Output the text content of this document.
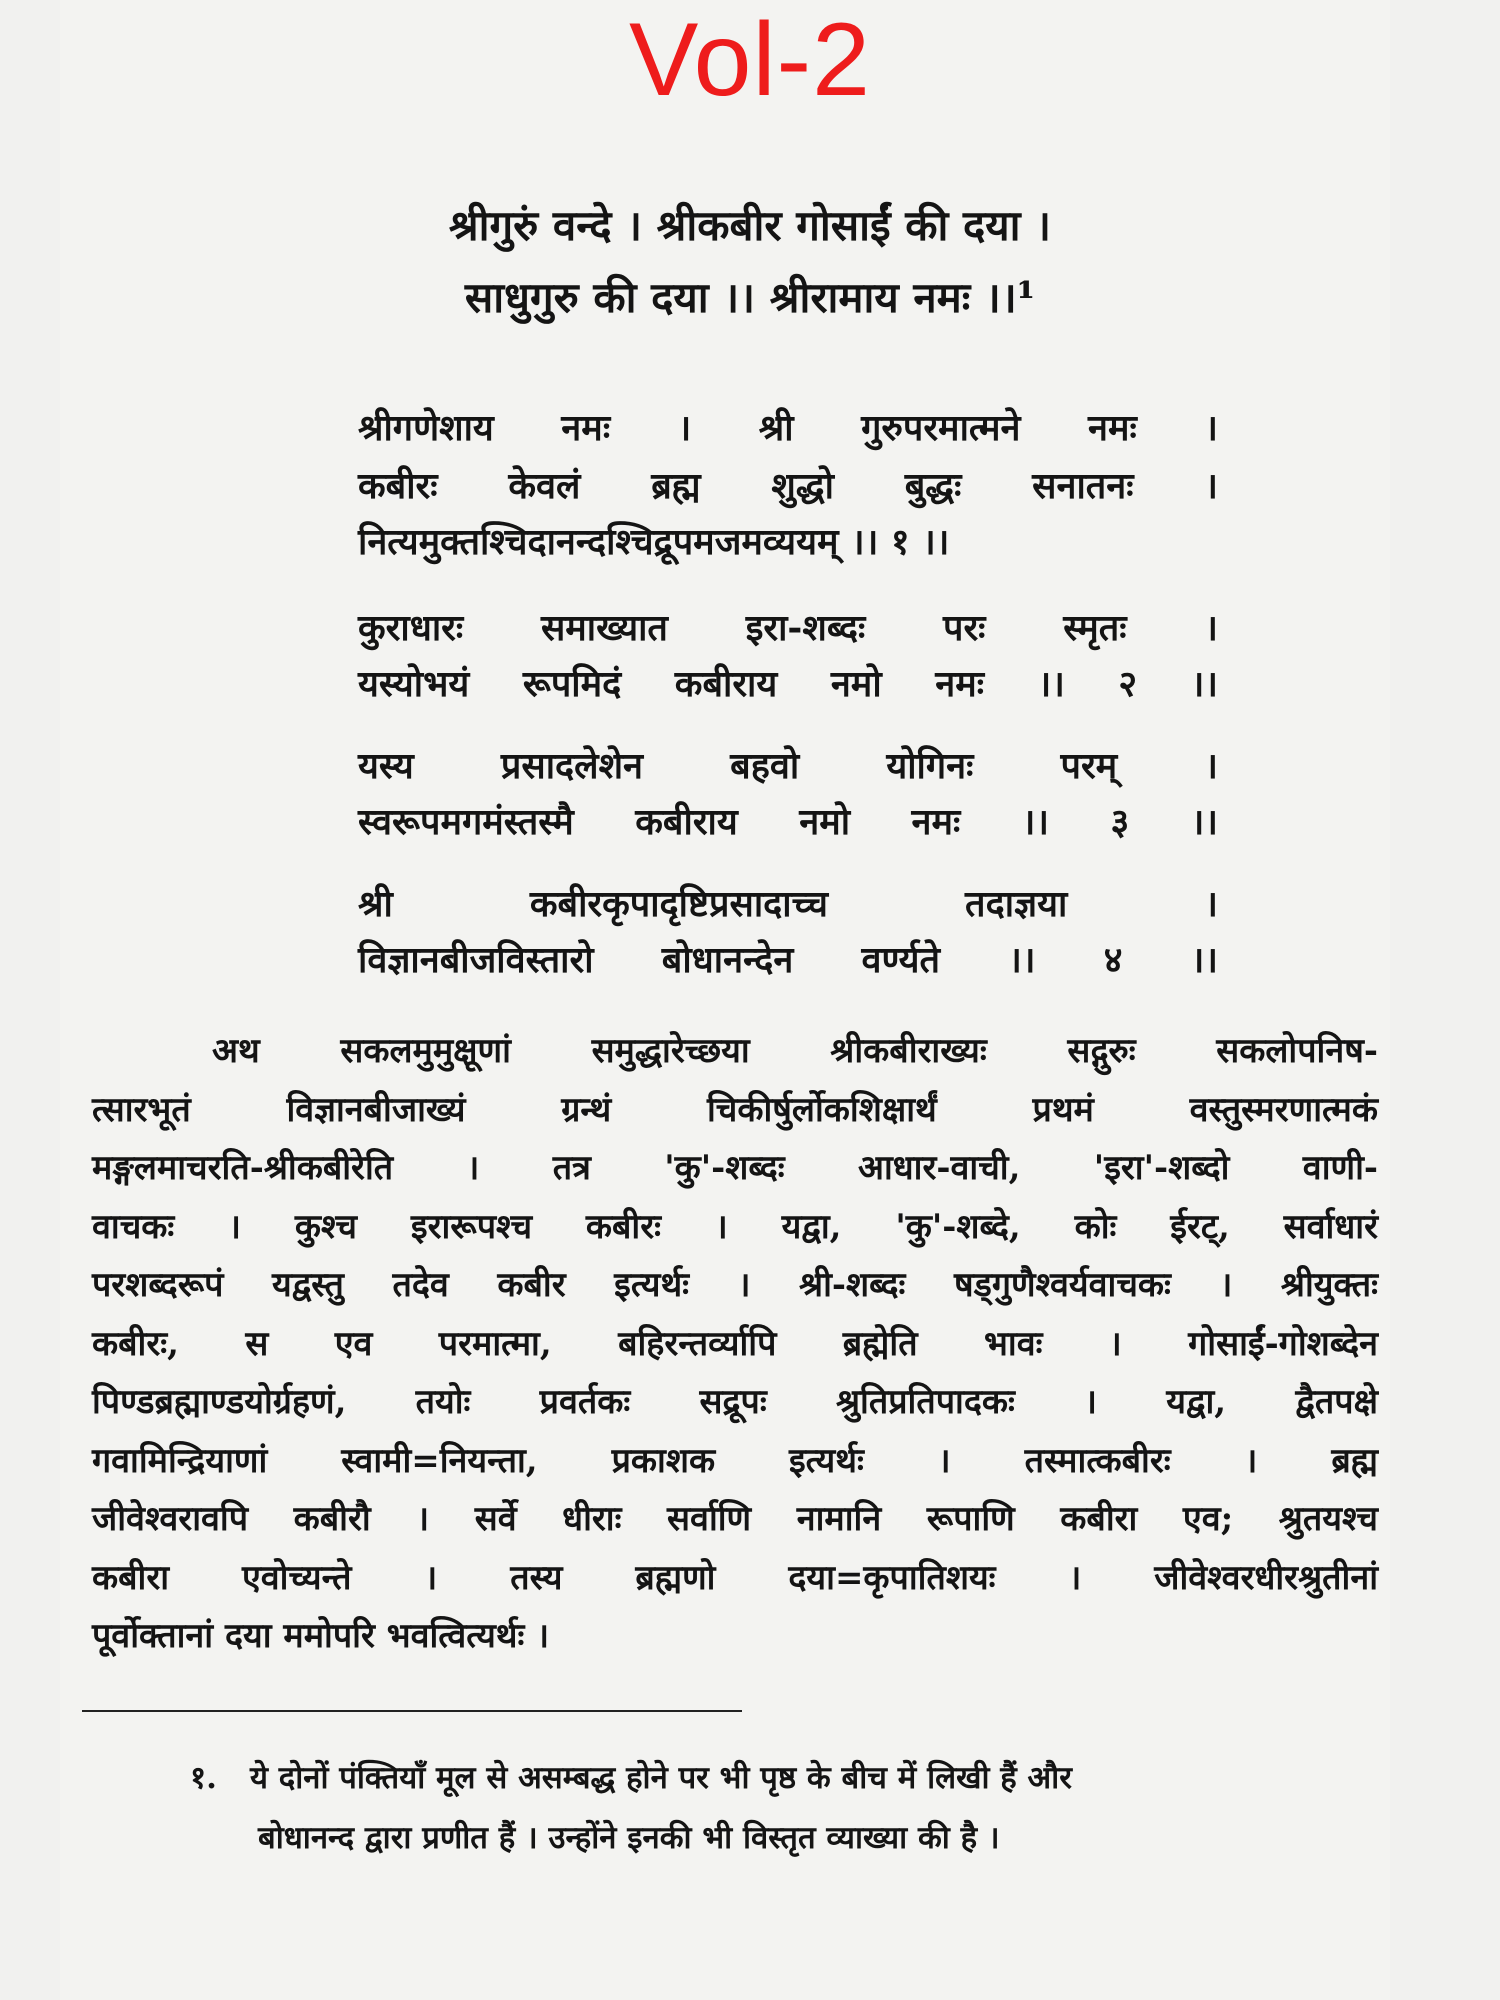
Vol-2
श्रीगुरुं वन्दे । श्रीकबीर गोसाईं की दया ।
साधुगुरु की दया ।। श्रीरामाय नमः ।।¹
श्रीगणेशाय नमः । श्री गुरुपरमात्मने नमः ।
कबीरः केवलं ब्रह्म शुद्धो बुद्धः सनातनः ।
नित्यमुक्तश्चिदानन्दश्चिद्रूपमजमव्ययम् ।। १ ।।
कुराधारः समाख्यात इरा-शब्दः परः स्मृतः ।
यस्योभयं रूपमिदं कबीराय नमो नमः ।। २ ।।
यस्य प्रसादलेशेन बहवो योगिनः परम् ।
स्वरूपमगमंस्तस्मै कबीराय नमो नमः ।। ३ ।।
श्री कबीरकृपादृष्टिप्रसादाच्च तदाज्ञया ।
विज्ञानबीजविस्तारो बोधानन्देन वर्ण्यते ।। ४ ।।
अथ सकलमुमुक्षूणां समुद्धारेच्छया श्रीकबीराख्यः सद्गुरुः सकलोपनिष-
त्सारभूतं विज्ञानबीजाख्यं ग्रन्थं चिकीर्षुर्लोकशिक्षार्थं प्रथमं वस्तुस्मरणात्मकं
मङ्गलमाचरति-श्रीकबीरेति । तत्र 'कु'-शब्दः आधार-वाची, 'इरा'-शब्दो वाणी-
वाचकः । कुश्च इरारूपश्च कबीरः । यद्वा, 'कु'-शब्दे, कोः ईरट्, सर्वाधारं
परशब्दरूपं यद्वस्तु तदेव कबीर इत्यर्थः । श्री-शब्दः षड्गुणैश्वर्यवाचकः । श्रीयुक्तः
कबीरः, स एव परमात्मा, बहिरन्तर्व्यापि ब्रह्मेति भावः । गोसाईं-गोशब्देन
पिण्डब्रह्माण्डयोर्ग्रहणं, तयोः प्रवर्तकः सद्रूपः श्रुतिप्रतिपादकः । यद्वा, द्वैतपक्षे
गवामिन्द्रियाणां स्वामी=नियन्ता, प्रकाशक इत्यर्थः । तस्मात्कबीरः । ब्रह्म
जीवेश्वरावपि कबीरौ । सर्वे धीराः सर्वाणि नामानि रूपाणि कबीरा एव; श्रुतयश्च
कबीरा एवोच्यन्ते । तस्य ब्रह्मणो दया=कृपातिशयः । जीवेश्वरधीरश्रुतीनां
पूर्वोक्तानां दया ममोपरि भवत्वित्यर्थः ।
१. ये दोनों पंक्तियाँ मूल से असम्बद्ध होने पर भी पृष्ठ के बीच में लिखी हैं और
बोधानन्द द्वारा प्रणीत हैं । उन्होंने इनकी भी विस्तृत व्याख्या की है ।
